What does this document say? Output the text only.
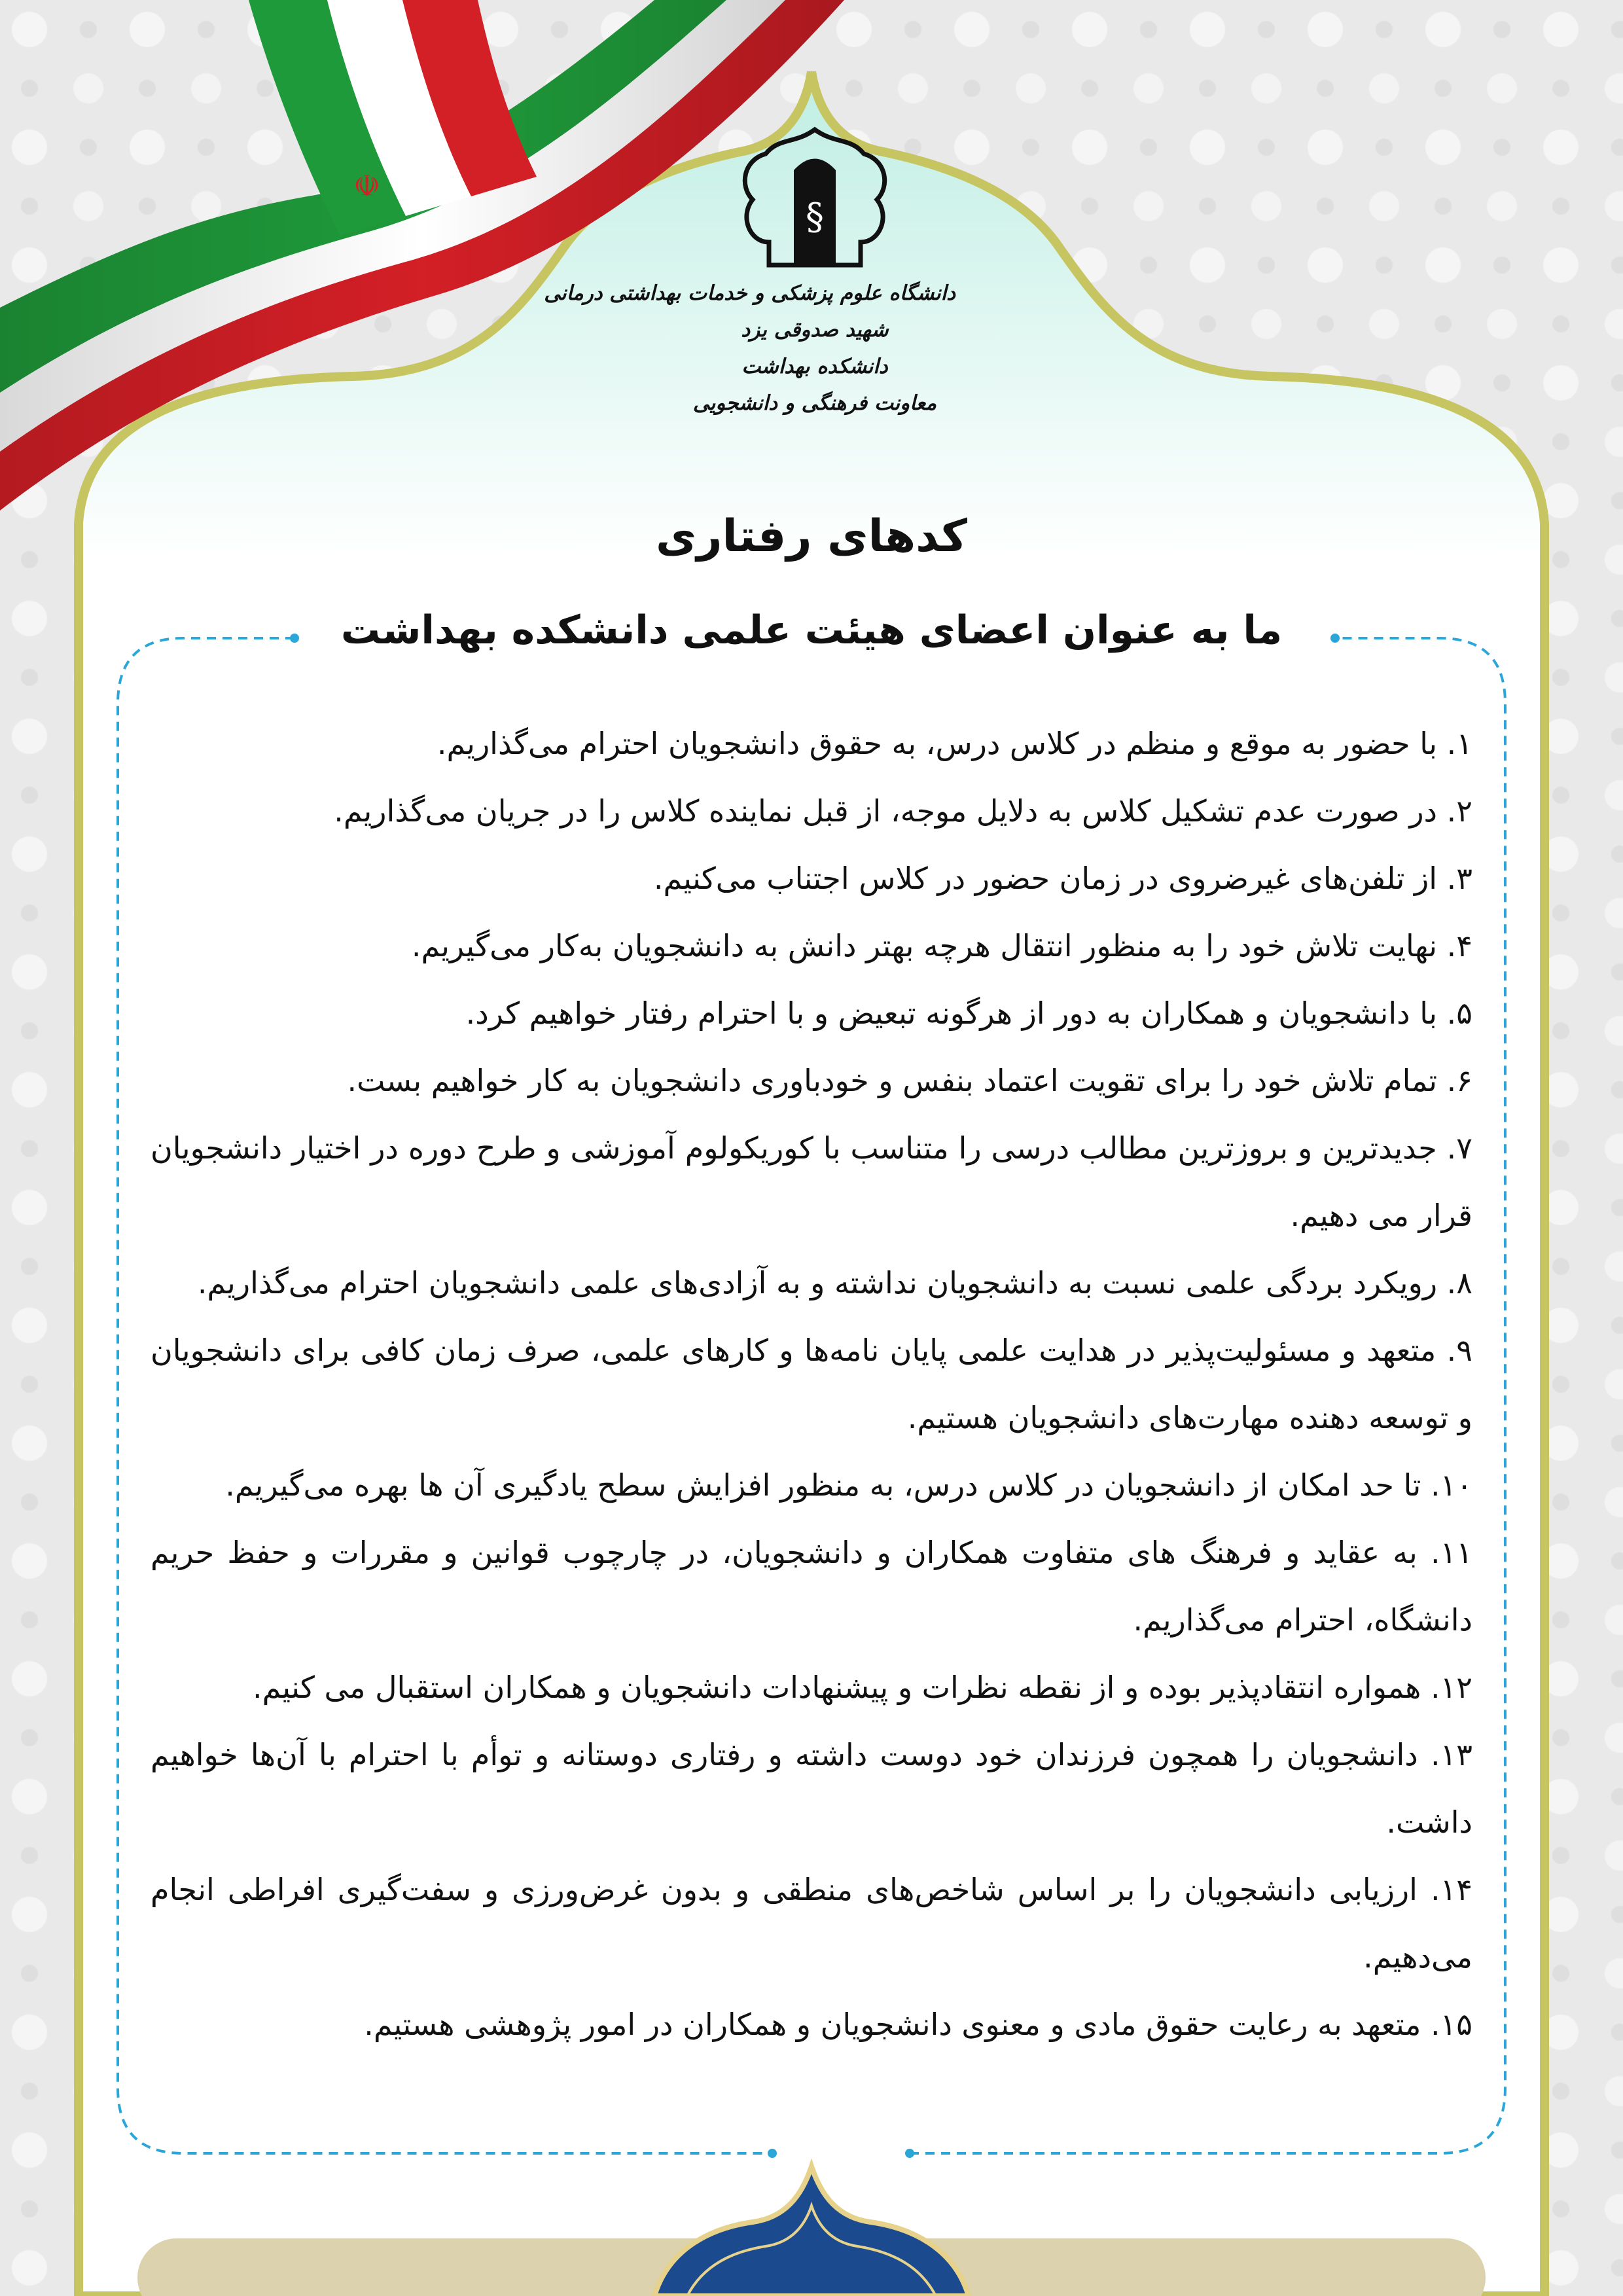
☫
§
دانشگاه علوم پزشکی و خدمات بهداشتی درمانی
شهید صدوقی یزد
دانشکده بهداشت
معاونت فرهنگی و دانشجویی
کدهای رفتاری
ما به عنوان اعضای هیئت علمی دانشکده بهداشت
۱. با حضور به موقع و منظم در کلاس درس، به حقوق دانشجویان احترام می‌گذاریم.
۲. در صورت عدم تشکیل کلاس به دلایل موجه، از قبل نماینده کلاس را در جریان می‌گذاریم.
۳. از تلفن‌های غیرضروی در زمان حضور در کلاس اجتناب می‌کنیم.
۴. نهایت تلاش خود را به منظور انتقال هرچه بهتر دانش به دانشجویان به‌کار می‌گیریم.
۵. با دانشجویان و همکاران به دور از هرگونه تبعیض و با احترام رفتار خواهیم کرد.
۶. تمام تلاش خود را برای تقویت اعتماد بنفس و خودباوری دانشجویان به کار خواهیم بست.
۷. جدیدترین و بروزترین مطالب درسی را متناسب با کوریکولوم آموزشی و طرح دوره در اختیار دانشجویان قرار می دهیم.
۸. رویکرد بردگی علمی نسبت به دانشجویان نداشته و به آزادی‌های علمی دانشجویان احترام می‌گذاریم.
۹. متعهد و مسئولیت‌پذیر در هدایت علمی پایان نامه‌ها و کارهای علمی، صرف زمان کافی برای دانشجویان و توسعه دهنده مهارت‌های دانشجویان هستیم.
۱۰. تا حد امکان از دانشجویان در کلاس درس، به منظور افزایش سطح یادگیری آن ها بهره می‌گیریم.
۱۱. به عقاید و فرهنگ های متفاوت همکاران و دانشجویان، در چارچوب قوانین و مقررات و حفظ حریم دانشگاه، احترام می‌گذاریم.
۱۲. همواره انتقادپذیر بوده و از نقطه نظرات و پیشنهادات دانشجویان و همکاران استقبال می کنیم.
۱۳. دانشجویان را همچون فرزندان خود دوست داشته و رفتاری دوستانه و توأم با احترام با آن‌ها خواهیم داشت.
۱۴. ارزیابی دانشجویان را بر اساس شاخص‌های منطقی و بدون غرض‌ورزی و سفت‌گیری افراطی انجام می‌دهیم.
۱۵. متعهد به رعایت حقوق مادی و معنوی دانشجویان و همکاران در امور پژوهشی هستیم.
